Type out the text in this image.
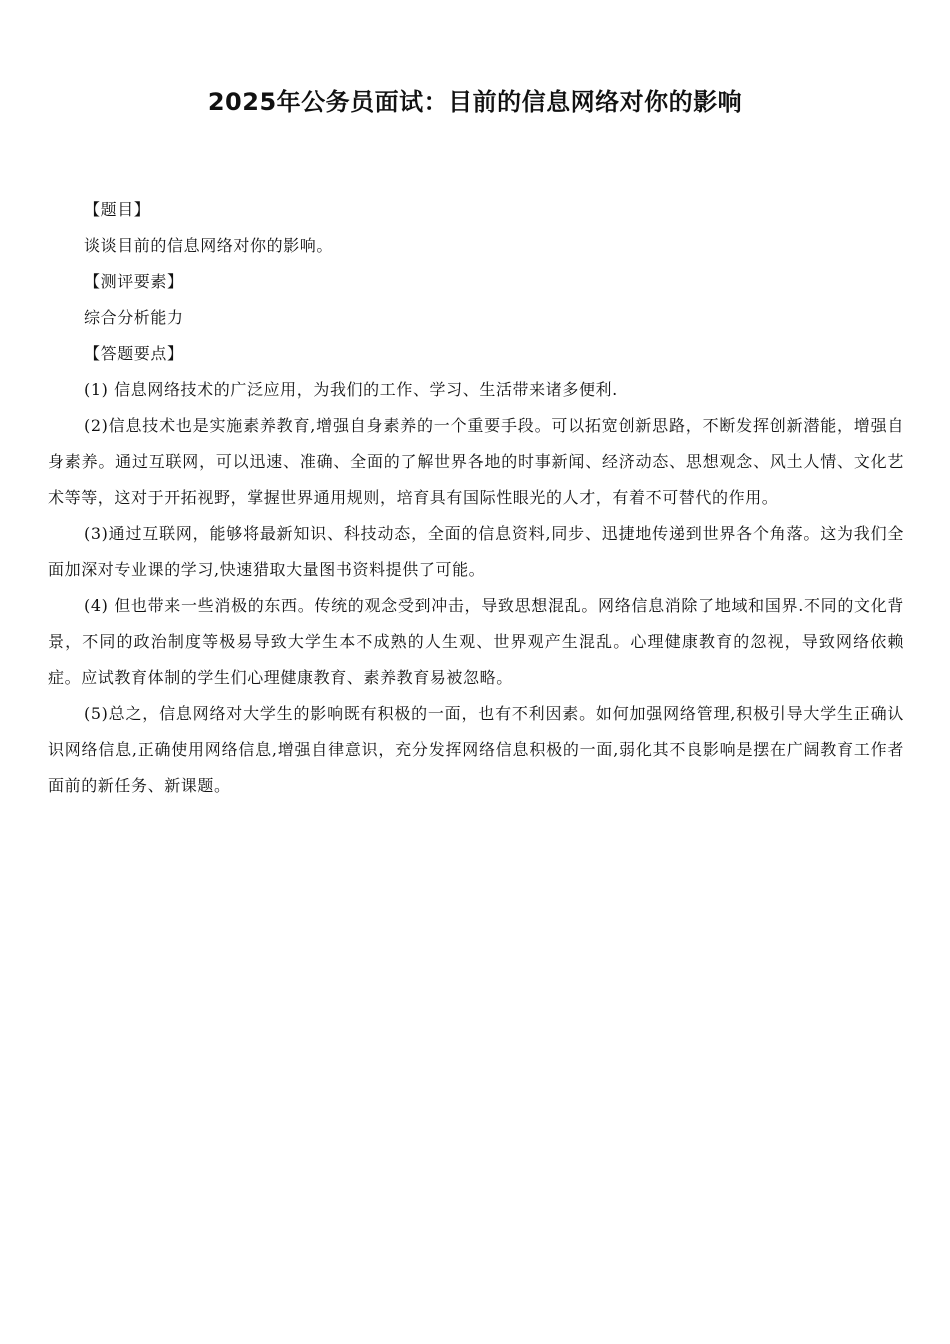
2025年公务员面试：目前的信息网络对你的影响

【题目】

谈谈目前的信息网络对你的影响。

【测评要素】

综合分析能力

【答题要点】

(1) 信息网络技术的广泛应用，为我们的工作、学习、生活带来诸多便利.

(2)信息技术也是实施素养教育,增强自身素养的一个重要手段。可以拓宽创新思路，不断发挥创新潜能，增强自身素养。通过互联网，可以迅速、准确、全面的了解世界各地的时事新闻、经济动态、思想观念、风土人情、文化艺术等等，这对于开拓视野，掌握世界通用规则，培育具有国际性眼光的人才，有着不可替代的作用。

(3)通过互联网，能够将最新知识、科技动态，全面的信息资料,同步、迅捷地传递到世界各个角落。这为我们全面加深对专业课的学习,快速猎取大量图书资料提供了可能。

(4) 但也带来一些消极的东西。传统的观念受到冲击，导致思想混乱。网络信息消除了地域和国界.不同的文化背景，不同的政治制度等极易导致大学生本不成熟的人生观、世界观产生混乱。心理健康教育的忽视，导致网络依赖症。应试教育体制的学生们心理健康教育、素养教育易被忽略。

(5)总之，信息网络对大学生的影响既有积极的一面，也有不利因素。如何加强网络管理,积极引导大学生正确认识网络信息,正确使用网络信息,增强自律意识，充分发挥网络信息积极的一面,弱化其不良影响是摆在广阔教育工作者面前的新任务、新课题。
